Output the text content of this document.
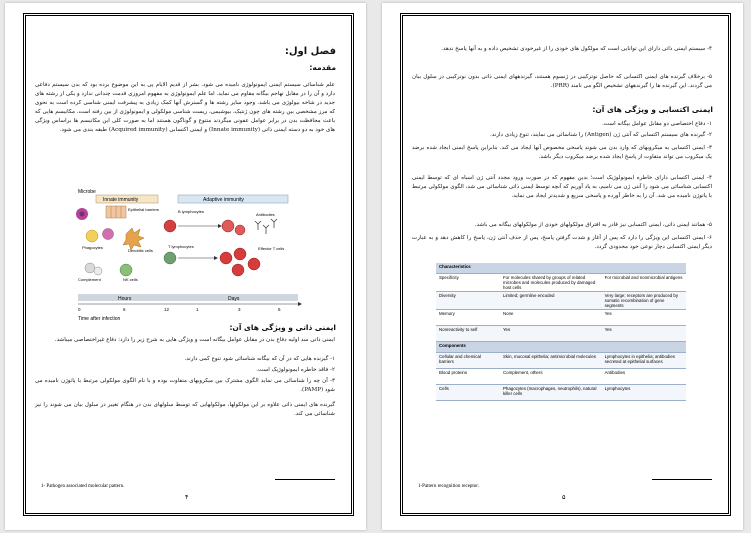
فصل اول:
مقدمه:
علم شناسائی سیستم ایمنی ایمونولوژی نامیده می شود. بشر از قدیم الایام پی به این موضوع برده بود که بدن سیستم دفاعی دارد و آن را در مقابل تهاجم بیگانه مقاوم می نماید. اما علم ایمونولوژی به مفهوم امروزی قدمت چندانی ندارد و یکی از رشته های جدید در شاخه بیولوژی می باشد. وجود سایر رشته ها و گسترش آنها کمک زیادی به پیشرفت ایمنی شناسی کرده است به نحوی که مرز مشخصی بین رشته های چون ژنتیک، بیوشیمی، زیست شناسی مولکولی و ایمونولوژی از بین رفته است. مکانیسم هایی که باعث محافظت بدن در برابر عوامل عفونی میگردند متنوع و گوناگون هستند اما به صورت کلی این مکانیسم ها براساس ویژگی های خود به دو دسته ایمنی ذاتی (Innate immunity) و ایمنی اکتسابی (Acquired immunity) طبقه بندی می شود.
Microbe
Innate immunity	Adaptive immunity
Epithelial barriers
Phagocytes
Dendritic cells
Complement	NK cells
B lymphocytes
Antibodies
T lymphocytes	Effector T cells
Hours	Days
0	6	12	1	3	5
Time after infection
ایمنی ذاتی و ویژگی های آن:
ایمنی ذاتی سد اولیه دفاع بدن در مقابل عوامل بیگانه است و ویژگی هایی به شرح زیر را دارد: دفاع غیراختصاصی میباشد.
۱- گیرنده هایی که در آن که بیگانه شناسائی شود تنوع کمی دارند.
۲- فاقد خاطره ایمونولوژیک است.
۳- آن چه را شناسائی می نماید الگوی مشترک بین میکروبهای متفاوت بوده و با نام الگوی مولکولی مرتبط با پاتوژن نامیده می شود (PAMP).
گیرنده های ایمنی ذاتی علاوه بر این مولکولها، مولکولهایی که توسط سلولهای بدن در هنگام تغییر در سلول بیان می شوند را نیز شناسائی می کند.
1- Pathogen associated molecular pattern.
۴
۴- سیستم ایمنی ذاتی دارای این توانایی است که مولکول های خودی را از غیرخودی تشخیص داده و به آنها پاسخ ندهد.
۵- برخلاف گیرنده های ایمنی اکتسابی که حاصل نوترکیبی در ژنسوم هستند، گیرندههای ایمنی ذاتی بدون نوترکیبی در سلول بیان می گردند. این گیرنده ها را گیرندههای تشخیص الگو می نامند (PRR).
ایمنی اکتسابی و ویژگی های آن:
۱- دفاع اختصاصی دو مقابل عوامل بیگانه است.
۲- گیرنده های سیستم اکتسابی که آنتی ژن (Antigen) را شناسائی می نمایند، تنوع زیادی دارند.
۳- ایمنی اکتسابی به میکروبهای که وارد بدن می شوند پاسخی مخصوص آنها ایجاد می کند. بنابراین پاسخ ایمنی ایجاد شده برضد یک میکروب می تواند متفاوت از پاسخ ایجاد شده برضد میکروب دیگر باشد.
۴- ایمنی اکتسابی دارای خاطره ایمونولوژیک است؛ بدین مفهوم که در صورت ورود مجدد آنتی ژن اسباه ای که توسط ایمنی اکتسابی شناسائی می شود را آنتی ژن می نامیم، به یاد آوریم که آنچه توسط ایمنی ذاتی شناسائی می شد، الگوی مولکولی مرتبط با پاتوژن نامیده می شد. آن را به خاطر آورده و پاسخی سریع و شدیدتر ایجاد می نماید.
۵- همانند ایمنی ذاتی، ایمنی اکتسابی نیز قادر به افتراق مولکولهای خودی از مولکولهای بیگانه می باشد.
۶- ایمنی اکتسابی این ویژگی را دارد که پس از آغاز و شدت گرفتن پاسخ، پس از حذف آنتی ژن، پاسخ را کاهش دهد و به عبارت دیگر ایمنی اکتسابی دچار نوعی خود محدودی گردد.
Characteristics		
Specificity	For molecules shared by groups of related microbes and molecules produced by damaged host cells	For microbial and nonmicrobial antigens
Diversity	Limited; germline encoded	Very large; receptors are produced by somatic recombination of gene segments
Memory	None	Yes
Nonreactivity to self	Yes	Yes
Components		
Cellular and chemical barriers	Skin, mucosal epithelia; antimicrobial molecules	Lymphocytes in epithelia; antibodies secreted at epithelial surfaces
Blood proteins	Complement, others	Antibodies
Cells	Phagocytes (macrophages, neutrophils), natural killer cells	Lymphocytes
1-Pattern recognition receptor.
۵
